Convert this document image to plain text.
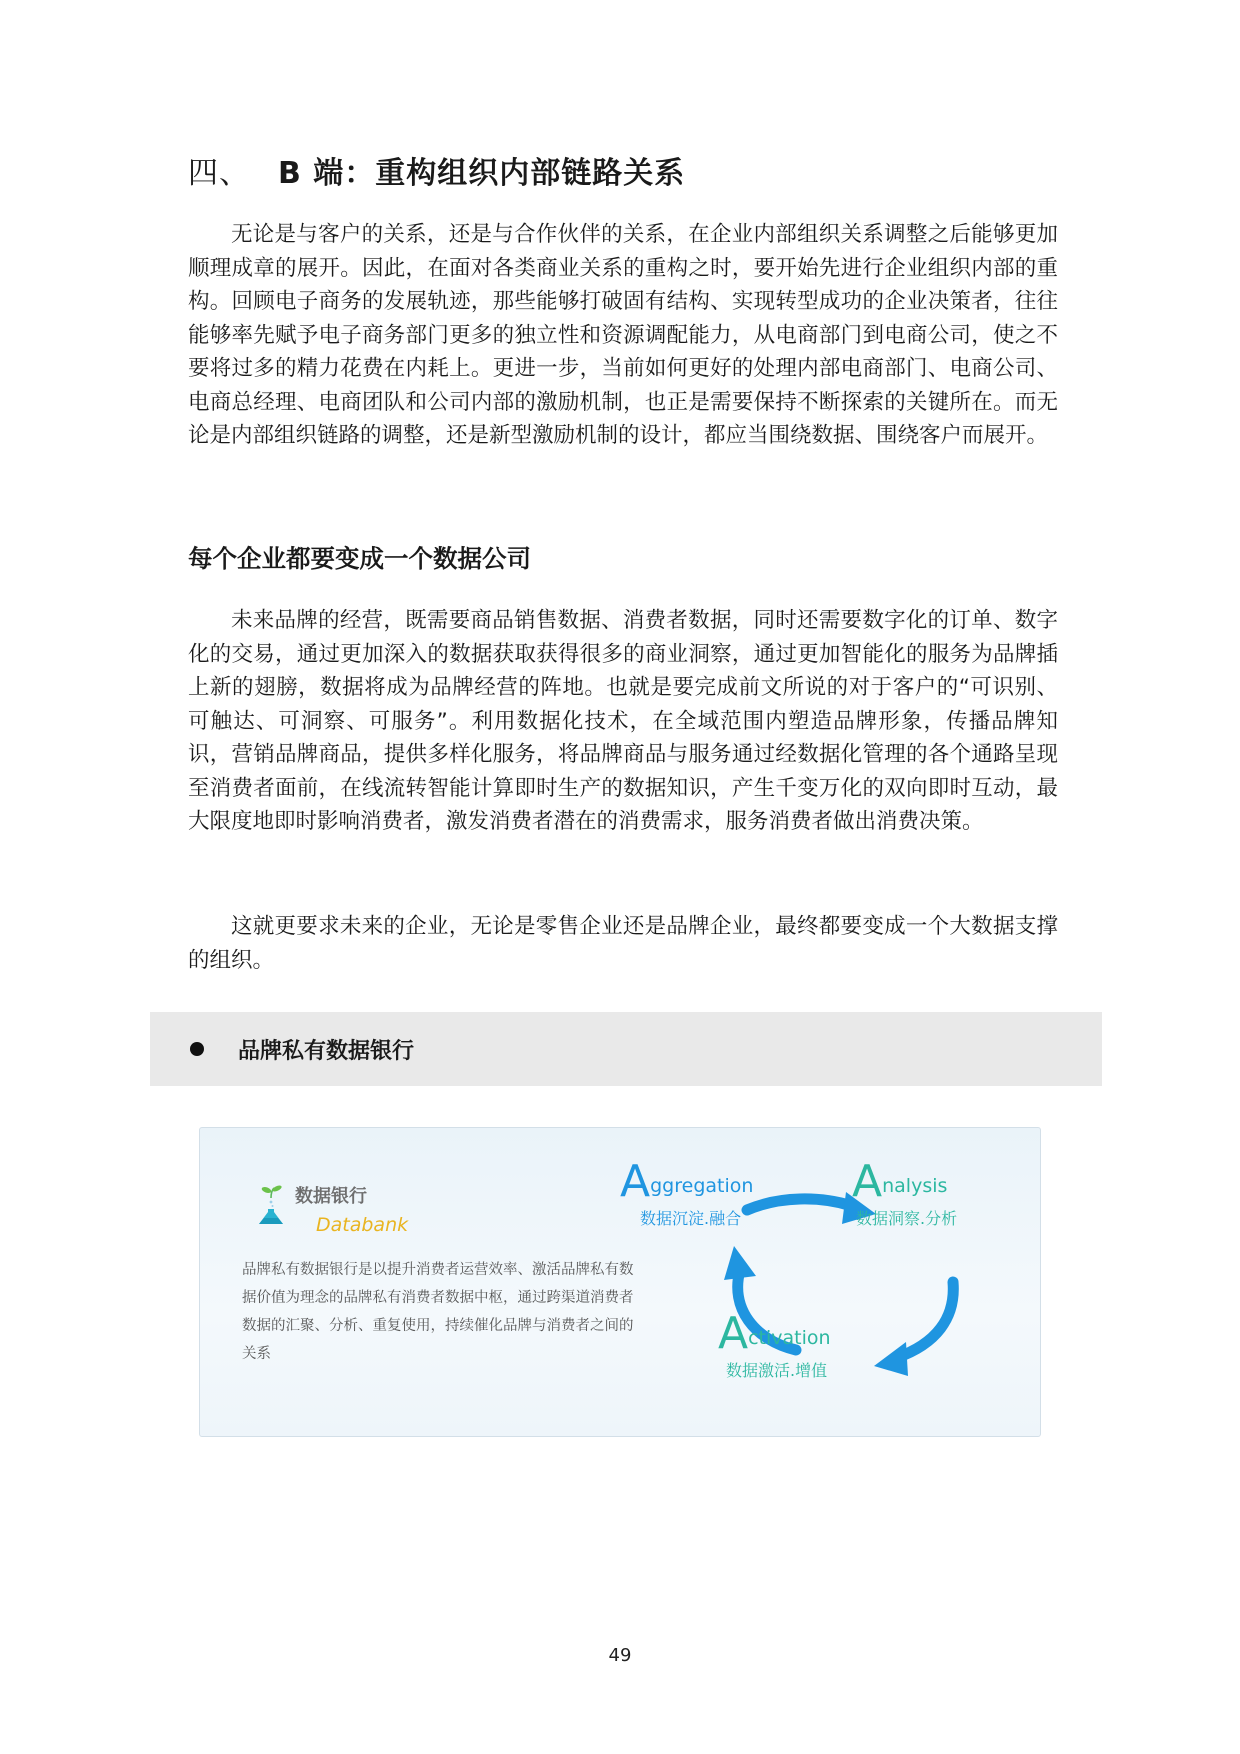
四、 B 端：重构组织内部链路关系

无论是与客户的关系，还是与合作伙伴的关系，在企业内部组织关系调整之后能够更加顺理成章的展开。因此，在面对各类商业关系的重构之时，要开始先进行企业组织内部的重构。回顾电子商务的发展轨迹，那些能够打破固有结构、实现转型成功的企业决策者，往往能够率先赋予电子商务部门更多的独立性和资源调配能力，从电商部门到电商公司，使之不要将过多的精力花费在内耗上。更进一步，当前如何更好的处理内部电商部门、电商公司、电商总经理、电商团队和公司内部的激励机制，也正是需要保持不断探索的关键所在。而无论是内部组织链路的调整，还是新型激励机制的设计，都应当围绕数据、围绕客户而展开。

每个企业都要变成一个数据公司

未来品牌的经营，既需要商品销售数据、消费者数据，同时还需要数字化的订单、数字化的交易，通过更加深入的数据获取获得很多的商业洞察，通过更加智能化的服务为品牌插上新的翅膀，数据将成为品牌经营的阵地。也就是要完成前文所说的对于客户的“可识别、可触达、可洞察、可服务”。利用数据化技术，在全域范围内塑造品牌形象，传播品牌知识，营销品牌商品，提供多样化服务，将品牌商品与服务通过经数据化管理的各个通路呈现至消费者面前，在线流转智能计算即时生产的数据知识，产生千变万化的双向即时互动，最大限度地即时影响消费者，激发消费者潜在的消费需求，服务消费者做出消费决策。

这就更要求未来的企业，无论是零售企业还是品牌企业，最终都要变成一个大数据支撑的组织。

品牌私有数据银行
数据银行
Databank

品牌私有数据银行是以提升消费者运营效率、激活品牌私有数据价值为理念的品牌私有消费者数据中枢，通过跨渠道消费者数据的汇聚、分析、重复使用，持续催化品牌与消费者之间的关系

Aggregation
数据沉淀.融合
Analysis
数据洞察.分析
Activation
数据激活.增值
49
